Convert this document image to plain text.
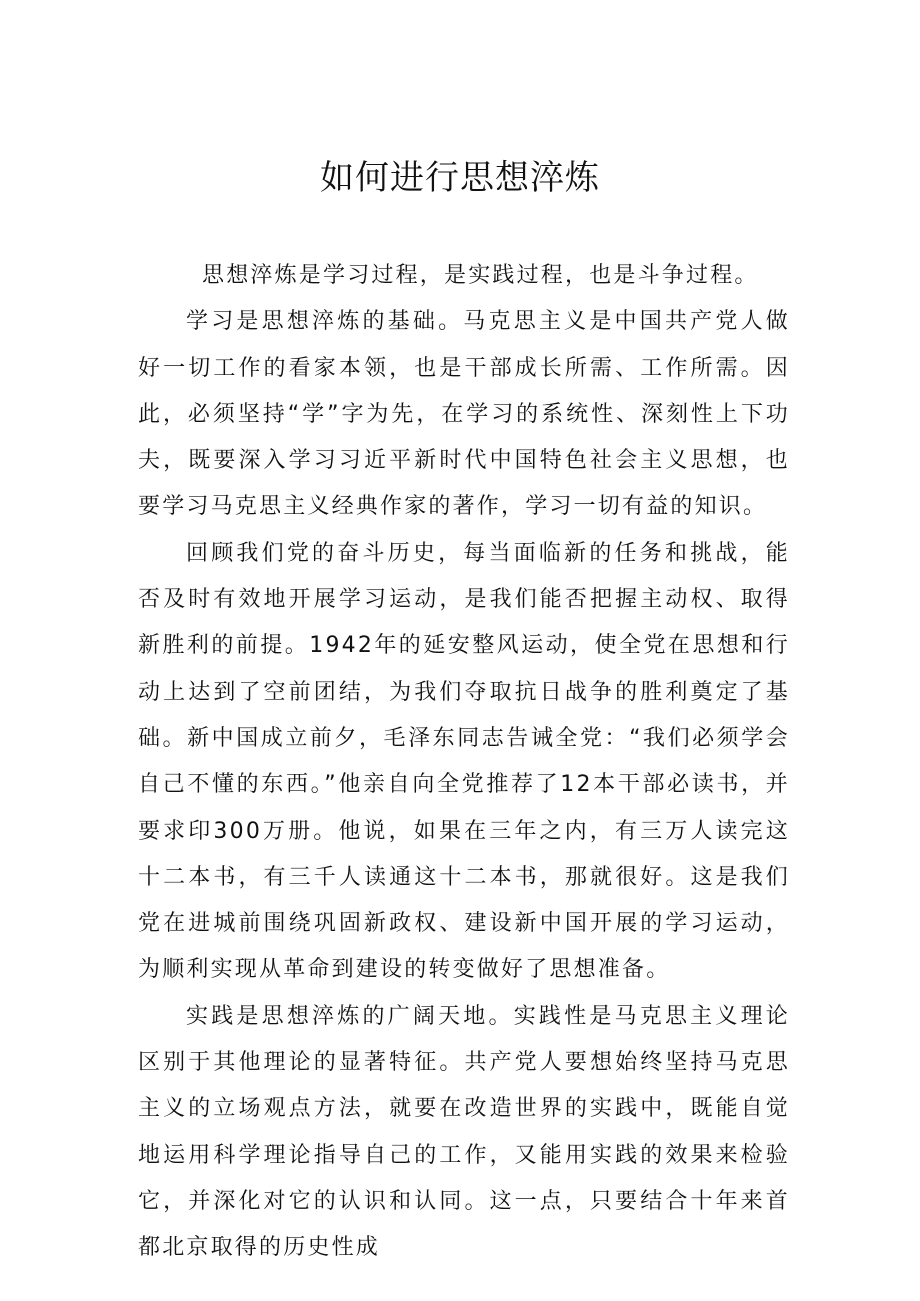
如何进行思想淬炼

思想淬炼是学习过程，是实践过程，也是斗争过程。

学习是思想淬炼的基础。马克思主义是中国共产党人做好一切工作的看家本领，也是干部成长所需、工作所需。因此，必须坚持“学”字为先，在学习的系统性、深刻性上下功夫，既要深入学习习近平新时代中国特色社会主义思想，也要学习马克思主义经典作家的著作，学习一切有益的知识。

回顾我们党的奋斗历史，每当面临新的任务和挑战，能否及时有效地开展学习运动，是我们能否把握主动权、取得新胜利的前提。1942年的延安整风运动，使全党在思想和行动上达到了空前团结，为我们夺取抗日战争的胜利奠定了基础。新中国成立前夕，毛泽东同志告诫全党：“我们必须学会自己不懂的东西。”他亲自向全党推荐了12本干部必读书，并要求印300万册。他说，如果在三年之内，有三万人读完这十二本书，有三千人读通这十二本书，那就很好。这是我们党在进城前围绕巩固新政权、建设新中国开展的学习运动，为顺利实现从革命到建设的转变做好了思想准备。

实践是思想淬炼的广阔天地。实践性是马克思主义理论区别于其他理论的显著特征。共产党人要想始终坚持马克思主义的立场观点方法，就要在改造世界的实践中，既能自觉地运用科学理论指导自己的工作，又能用实践的效果来检验它，并深化对它的认识和认同。这一点，只要结合十年来首都北京取得的历史性成
